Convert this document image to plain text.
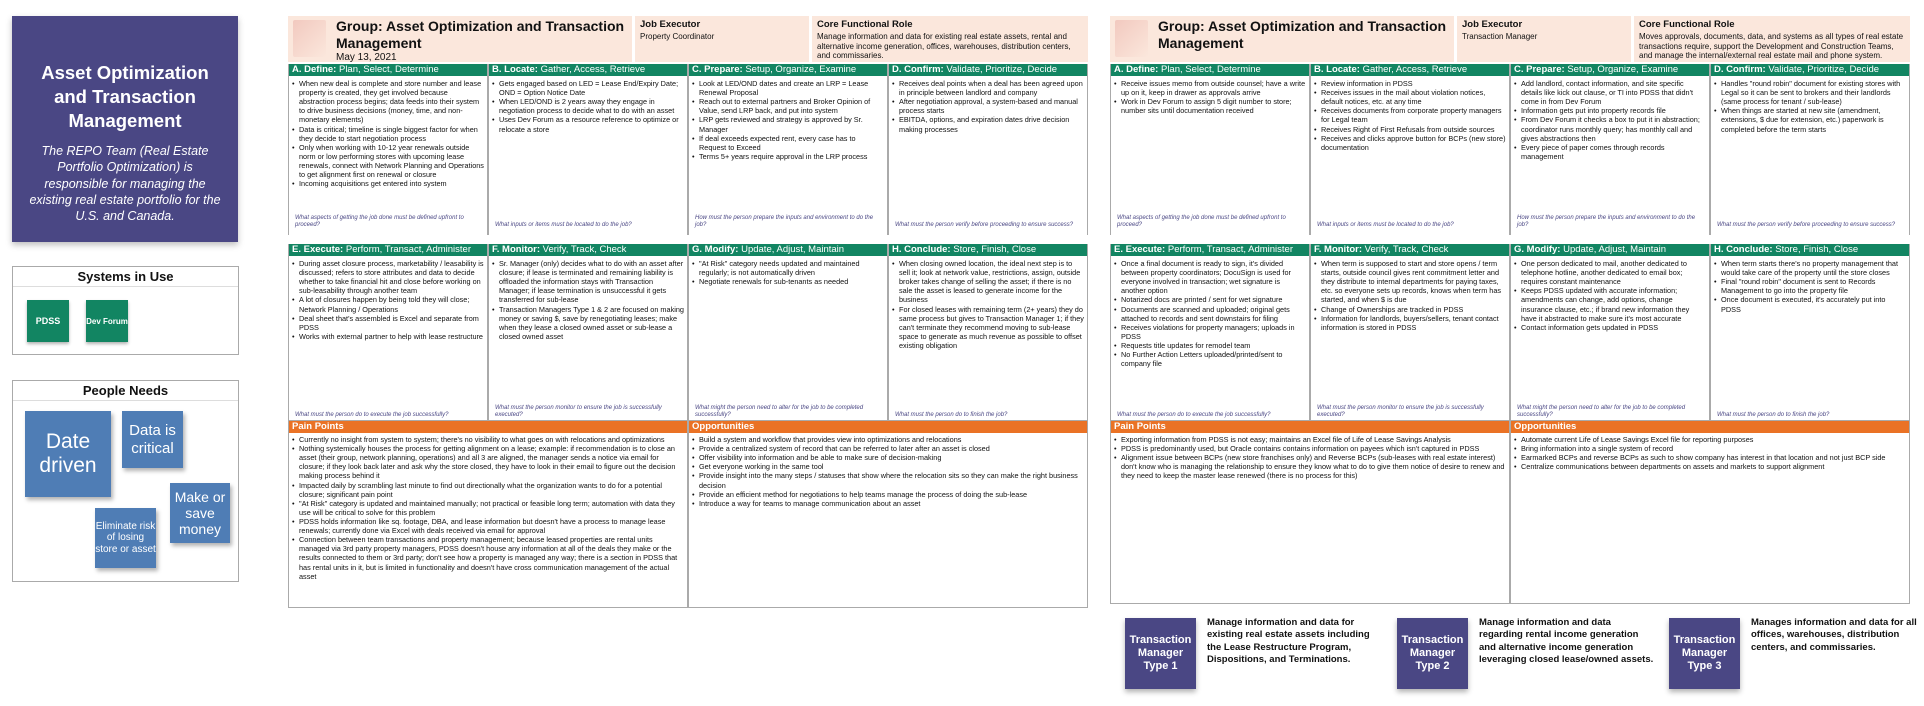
Asset Optimization and Transaction Management

The REPO Team (Real Estate Portfolio Optimization) is responsible for managing the existing real estate portfolio for the U.S. and Canada.

Systems in Use
PDSS	Dev Forum
People Needs
Date driven
Data is critical
Make or save money
Eliminate risk of losing store or asset
Group: Asset Optimization and Transaction Management
May 13, 2021
Job Executor
Property Coordinator
Core Functional Role
Manage information and data for existing real estate assets, rental and alternative income generation, offices, warehouses, distribution centers, and commissaries.
A. Define: Plan, Select, Determine
• When new deal is complete and store number and lease property is created, they get involved because abstraction process begins; data feeds into their system to drive business decisions (money, time, and non-monetary elements)
• Data is critical; timeline is single biggest factor for when they decide to start negotiation process
• Only when working with 10-12 year renewals outside norm or low performing stores with upcoming lease renewals, connect with Network Planning and Operations to get alignment first on renewal or closure
• Incoming acquisitions get entered into system
What aspects of getting the job done must be defined upfront to proceed?
B. Locate: Gather, Access, Retrieve
• Gets engaged based on LED = Lease End/Expiry Date; OND = Option Notice Date
• When LED/OND is 2 years away they engage in negotiation process to decide what to do with an asset
• Uses Dev Forum as a resource reference to optimize or relocate a store
What inputs or items must be located to do the job?
C. Prepare: Setup, Organize, Examine
• Look at LED/OND dates and create an LRP = Lease Renewal Proposal
• Reach out to external partners and Broker Opinion of Value, send LRP back, and put into system
• LRP gets reviewed and strategy is approved by Sr. Manager
• If deal exceeds expected rent, every case has to Request to Exceed
• Terms 5+ years require approval in the LRP process
How must the person prepare the inputs and environment to do the job?
D. Confirm: Validate, Prioritize, Decide
• Receives deal points when a deal has been agreed upon in principle between landlord and company
• After negotiation approval, a system-based and manual process starts
• EBITDA, options, and expiration dates drive decision making processes
What must the person verify before proceeding to ensure success?
E. Execute: Perform, Transact, Administer
• During asset closure process, marketability / leasability is discussed; refers to store attributes and data to decide whether to take financial hit and close before working on sub-leasability through another team
• A lot of closures happen by being told they will close; Network Planning / Operations
• Deal sheet that's assembled is Excel and separate from PDSS
• Works with external partner to help with lease restructure
What must the person do to execute the job successfully?
F. Monitor: Verify, Track, Check
• Sr. Manager (only) decides what to do with an asset after closure; if lease is terminated and remaining liability is offloaded the information stays with Transaction Manager; if lease termination is unsuccessful it gets transferred for sub-lease
• Transaction Managers Type 1 & 2 are focused on making money or saving $, save by renegotiating leases; make when they lease a closed owned asset or sub-lease a closed owned asset
What must the person monitor to ensure the job is successfully executed?
G. Modify: Update, Adjust, Maintain
• "At Risk" category needs updated and maintained regularly; is not automatically driven
• Negotiate renewals for sub-tenants as needed
What might the person need to alter for the job to be completed successfully?
H. Conclude: Store, Finish, Close
• When closing owned location, the ideal next step is to sell it; look at network value, restrictions, assign, outside broker takes change of selling the asset; if there is no sale the asset is leased to generate income for the business
• For closed leases with remaining term (2+ years) they do same process but gives to Transaction Manager 1; if they can't terminate they recommend moving to sub-lease space to generate as much revenue as possible to offset existing obligation
What must the person do to finish the job?
Pain Points
• Currently no insight from system to system; there's no visibility to what goes on with relocations and optimizations
• Nothing systemically houses the process for getting alignment on a lease; example: if recommendation is to close an asset (their group, network planning, operations) and all 3 are aligned, the manager sends a notice via email for closure; if they look back later and ask why the store closed, they have to look in their email to figure out the decision making process behind it
• Impacted daily by scrambling last minute to find out directionally what the organization wants to do for a potential closure; significant pain point
• "At Risk" category is updated and maintained manually; not practical or feasible long term; automation with data they use will be critical to solve for this problem
• PDSS holds information like sq. footage, DBA, and lease information but doesn't have a process to manage lease renewals; currently done via Excel with deals received via email for approval
• Connection between team transactions and property management; because leased properties are rental units managed via 3rd party property managers, PDSS doesn't house any information at all of the deals they make or the results connected to them or 3rd party; don't see how a property is managed any way; there is a section in PDSS that has rental units in it, but is limited in functionality and doesn't have cross communication management of the actual asset
Opportunities
• Build a system and workflow that provides view into optimizations and relocations
• Provide a centralized system of record that can be referred to later after an asset is closed
• Offer visibility into information and be able to make sure of decision-making
• Get everyone working in the same tool
• Provide insight into the many steps / statuses that show where the relocation sits so they can make the right business decision
• Provide an efficient method for negotiations to help teams manage the process of doing the sub-lease
• Introduce a way for teams to manage communication about an asset
Group: Asset Optimization and Transaction Management
Job Executor
Transaction Manager
Core Functional Role
Moves approvals, documents, data, and systems as all types of real estate transactions require, support the Development and Construction Teams, and manage the internal/external real estate mail and phone system.
A. Define: Plan, Select, Determine
• Receive issues memo from outside counsel; have a write up on it, keep in drawer as approvals arrive
• Work in Dev Forum to assign 5 digit number to store; number sits until documentation received
What aspects of getting the job done must be defined upfront to proceed?
B. Locate: Gather, Access, Retrieve
• Review information in PDSS
• Receives issues in the mail about violation notices, default notices, etc. at any time
• Receives documents from corporate property managers for Legal team
• Receives Right of First Refusals from outside sources
• Receives and clicks approve button for BCPs (new store) documentation
What inputs or items must be located to do the job?
C. Prepare: Setup, Organize, Examine
• Add landlord, contact information, and site specific details like kick out clause, or TI into PDSS that didn't come in from Dev Forum
• Information gets put into property records file
• From Dev Forum it checks a box to put it in abstraction; coordinator runs monthly query; has monthly call and gives abstractions then
• Every piece of paper comes through records management
How must the person prepare the inputs and environment to do the job?
D. Confirm: Validate, Prioritize, Decide
• Handles "round robin" document for existing stores with Legal so it can be sent to brokers and their landlords (same process for tenant / sub-lease)
• When things are started at new site (amendment, extensions, $ due for extension, etc.) paperwork is completed before the term starts
What must the person verify before proceeding to ensure success?
E. Execute: Perform, Transact, Administer
• Once a final document is ready to sign, it's divided between property coordinators; DocuSign is used for everyone involved in transaction; wet signature is another option
• Notarized docs are printed / sent for wet signature
• Documents are scanned and uploaded; original gets attached to records and sent downstairs for filing
• Receives violations for property managers; uploads in PDSS
• Requests title updates for remodel team
• No Further Action Letters uploaded/printed/sent to company file
What must the person do to execute the job successfully?
F. Monitor: Verify, Track, Check
• When term is supposed to start and store opens / term starts, outside council gives rent commitment letter and they distribute to internal departments for paying taxes, etc. so everyone sets up records, knows when term has started, and when $ is due
• Change of Ownerships are tracked in PDSS
• Information for landlords, buyers/sellers, tenant contact information is stored in PDSS
What must the person monitor to ensure the job is successfully executed?
G. Modify: Update, Adjust, Maintain
• One person dedicated to mail, another dedicated to telephone hotline, another dedicated to email box; requires constant maintenance
• Keeps PDSS updated with accurate information; amendments can change, add options, change insurance clause, etc.; if brand new information they have it abstracted to make sure it's most accurate
• Contact information gets updated in PDSS
What might the person need to alter for the job to be completed successfully?
H. Conclude: Store, Finish, Close
• When term starts there's no property management that would take care of the property until the store closes
• Final "round robin" document is sent to Records Management to go into the property file
• Once document is executed, it's accurately put into PDSS
What must the person do to finish the job?
Pain Points
• Exporting information from PDSS is not easy; maintains an Excel file of Life of Lease Savings Analysis
• PDSS is predominantly used, but Oracle contains contains information on payees which isn't captured in PDSS
• Alignment issue between BCPs (new store franchises only) and Reverse BCPs (sub-leases with real estate interest) don't know who is managing the relationship to ensure they know what to do to give them notice of desire to renew and they need to keep the master lease renewed (there is no process for this)
Opportunities
• Automate current Life of Lease Savings Excel file for reporting purposes
• Bring information into a single system of record
• Earmarked BCPs and reverse BCPs as such to show company has interest in that location and not just BCP side
• Centralize communications between departments on assets and markets to support alignment
Transaction Manager Type 1
Manage information and data for existing real estate assets including the Lease Restructure Program, Dispositions, and Terminations.
Transaction Manager Type 2
Manage information and data regarding rental income generation and alternative income generation leveraging closed lease/owned assets.
Transaction Manager Type 3
Manages information and data for all offices, warehouses, distribution centers, and commissaries.
